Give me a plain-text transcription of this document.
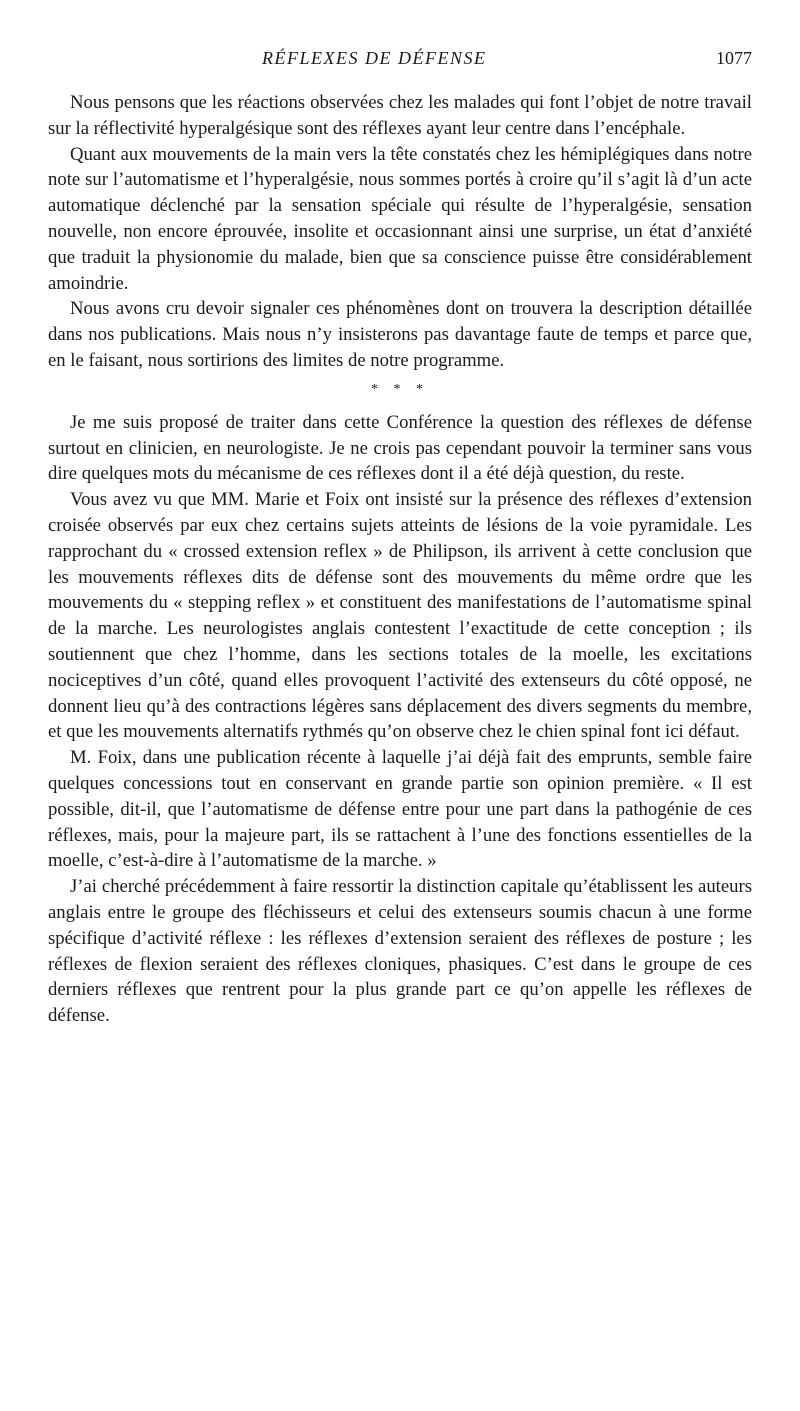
RÉFLEXES DE DÉFENSE	1077

Nous pensons que les réactions observées chez les malades qui font l’objet de notre travail sur la réflectivité hyperalgésique sont des réflexes ayant leur centre dans l’encéphale.

Quant aux mouvements de la main vers la tête constatés chez les hémiplégiques dans notre note sur l’automatisme et l’hyperalgésie, nous sommes portés à croire qu’il s’agit là d’un acte automatique déclenché par la sensation spéciale qui résulte de l’hyperalgésie, sensation nouvelle, non encore éprouvée, insolite et occasionnant ainsi une surprise, un état d’anxiété que traduit la physionomie du malade, bien que sa conscience puisse être considérablement amoindrie.

Nous avons cru devoir signaler ces phénomènes dont on trouvera la description détaillée dans nos publications. Mais nous n’y insisterons pas davantage faute de temps et parce que, en le faisant, nous sortirions des limites de notre programme.

* * *

Je me suis proposé de traiter dans cette Conférence la question des réflexes de défense surtout en clinicien, en neurologiste. Je ne crois pas cependant pouvoir la terminer sans vous dire quelques mots du mécanisme de ces réflexes dont il a été déjà question, du reste.

Vous avez vu que MM. Marie et Foix ont insisté sur la présence des réflexes d’extension croisée observés par eux chez certains sujets atteints de lésions de la voie pyramidale. Les rapprochant du « crossed extension reflex » de Philipson, ils arrivent à cette conclusion que les mouvements réflexes dits de défense sont des mouvements du même ordre que les mouvements du « stepping reflex » et constituent des manifestations de l’automatisme spinal de la marche. Les neurologistes anglais contestent l’exactitude de cette conception ; ils soutiennent que chez l’homme, dans les sections totales de la moelle, les excitations nociceptives d’un côté, quand elles provoquent l’activité des extenseurs du côté opposé, ne donnent lieu qu’à des contractions légères sans déplacement des divers segments du membre, et que les mouvements alternatifs rythmés qu’on observe chez le chien spinal font ici défaut.

M. Foix, dans une publication récente à laquelle j’ai déjà fait des emprunts, semble faire quelques concessions tout en conservant en grande partie son opinion première. « Il est possible, dit-il, que l’automatisme de défense entre pour une part dans la pathogénie de ces réflexes, mais, pour la majeure part, ils se rattachent à l’une des fonctions essentielles de la moelle, c’est-à-dire à l’automatisme de la marche. »

J’ai cherché précédemment à faire ressortir la distinction capitale qu’établissent les auteurs anglais entre le groupe des fléchisseurs et celui des extenseurs soumis chacun à une forme spécifique d’activité réflexe : les réflexes d’extension seraient des réflexes de posture ; les réflexes de flexion seraient des réflexes cloniques, phasiques. C’est dans le groupe de ces derniers réflexes que rentrent pour la plus grande part ce qu’on appelle les réflexes de défense.
